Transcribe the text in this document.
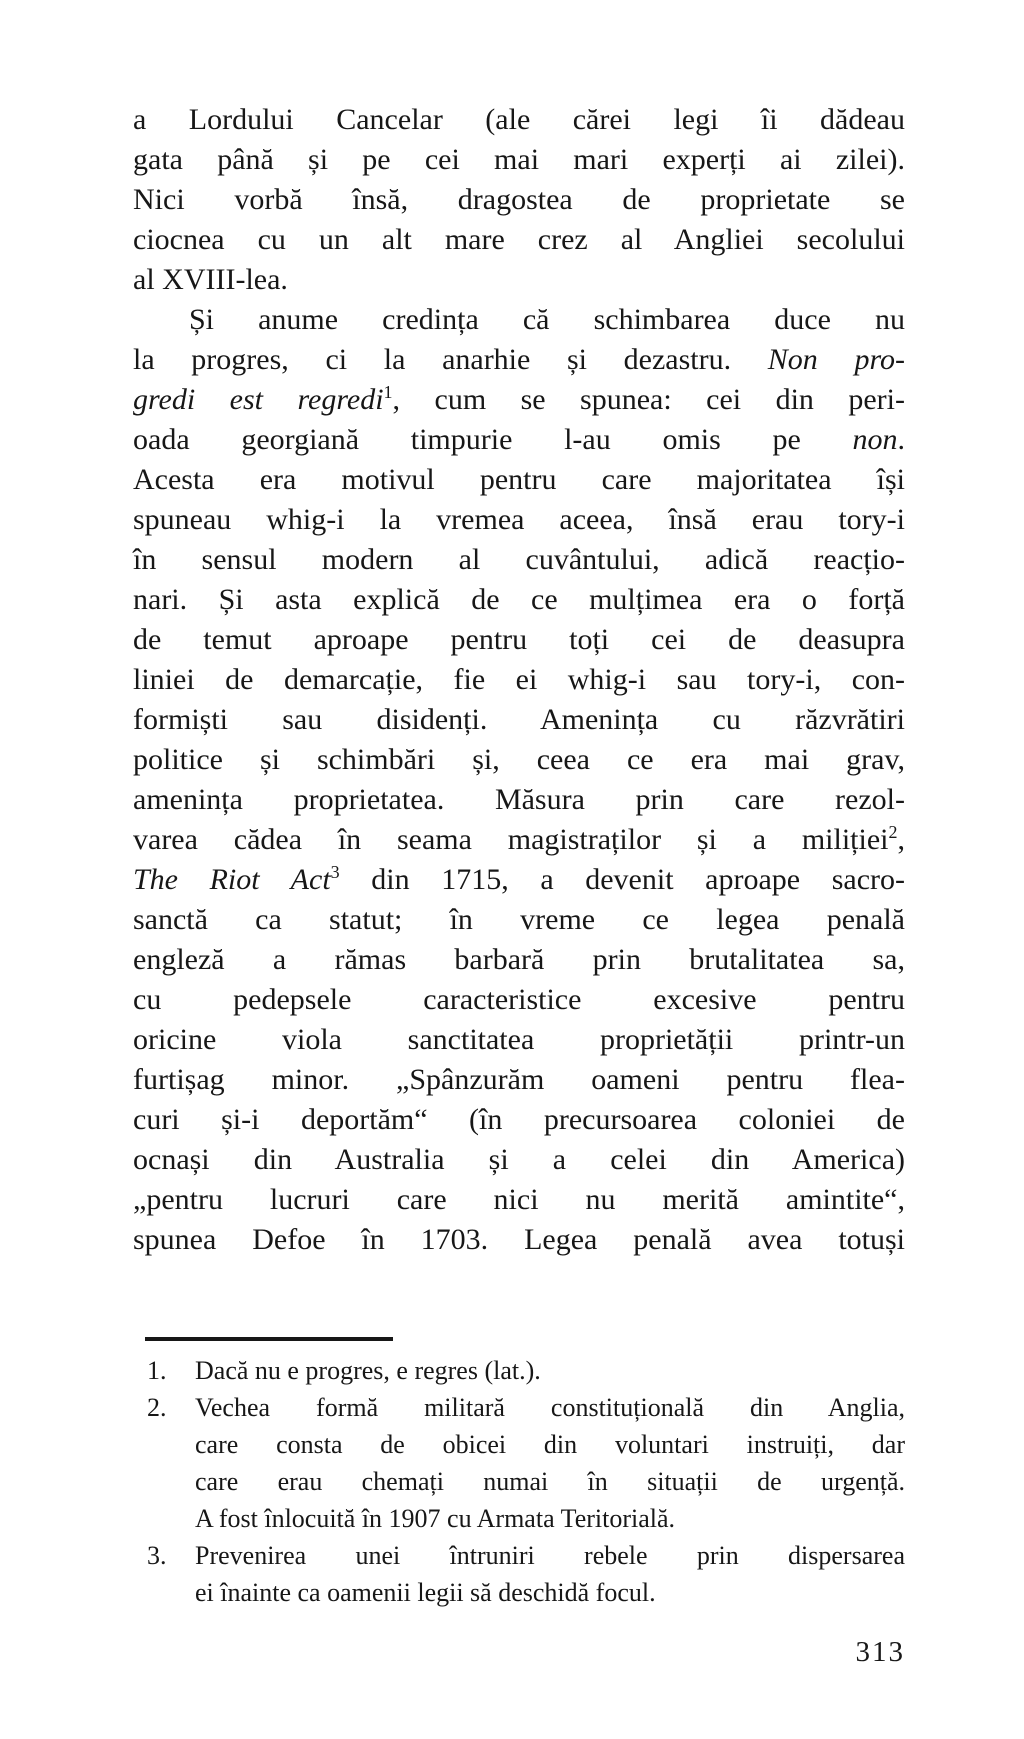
a Lordului Cancelar (ale cărei legi îi dădeau
gata până și pe cei mai mari experți ai zilei).
Nici vorbă însă, dragostea de proprietate se
ciocnea cu un alt mare crez al Angliei secolului
al XVIII-lea.
Și anume credința că schimbarea duce nu
la progres, ci la anarhie și dezastru. Non pro-
gredi est regredi$^1$, cum se spunea: cei din peri-
oada georgiană timpurie l-au omis pe non.
Acesta era motivul pentru care majoritatea își
spuneau whig-i la vremea aceea, însă erau tory-i
în sensul modern al cuvântului, adică reacțio-
nari. Și asta explică de ce mulțimea era o forță
de temut aproape pentru toți cei de deasupra
liniei de demarcație, fie ei whig-i sau tory-i, con-
formiști sau disidenți. Amenința cu răzvrătiri
politice și schimbări și, ceea ce era mai grav,
amenința proprietatea. Măsura prin care rezol-
varea cădea în seama magistraților și a miliției$^2$,
The Riot Act$^3$ din 1715, a devenit aproape sacro-
sanctă ca statut; în vreme ce legea penală
engleză a rămas barbară prin brutalitatea sa,
cu pedepsele caracteristice excesive pentru
oricine viola sanctitatea proprietății printr-un
furtișag minor. „Spânzurăm oameni pentru flea-
curi și-i deportăm“ (în precursoarea coloniei de
ocnași din Australia și a celei din America)
„pentru lucruri care nici nu merită amintite“,
spunea Defoe în 1703. Legea penală avea totuși
1. Dacă nu e progres, e regres (lat.).
2. Vechea formă militară constituțională din Anglia,
care consta de obicei din voluntari instruiți, dar
care erau chemați numai în situații de urgență.
A fost înlocuită în 1907 cu Armata Teritorială.
3. Prevenirea unei întruniri rebele prin dispersarea
ei înainte ca oamenii legii să deschidă focul.
313
